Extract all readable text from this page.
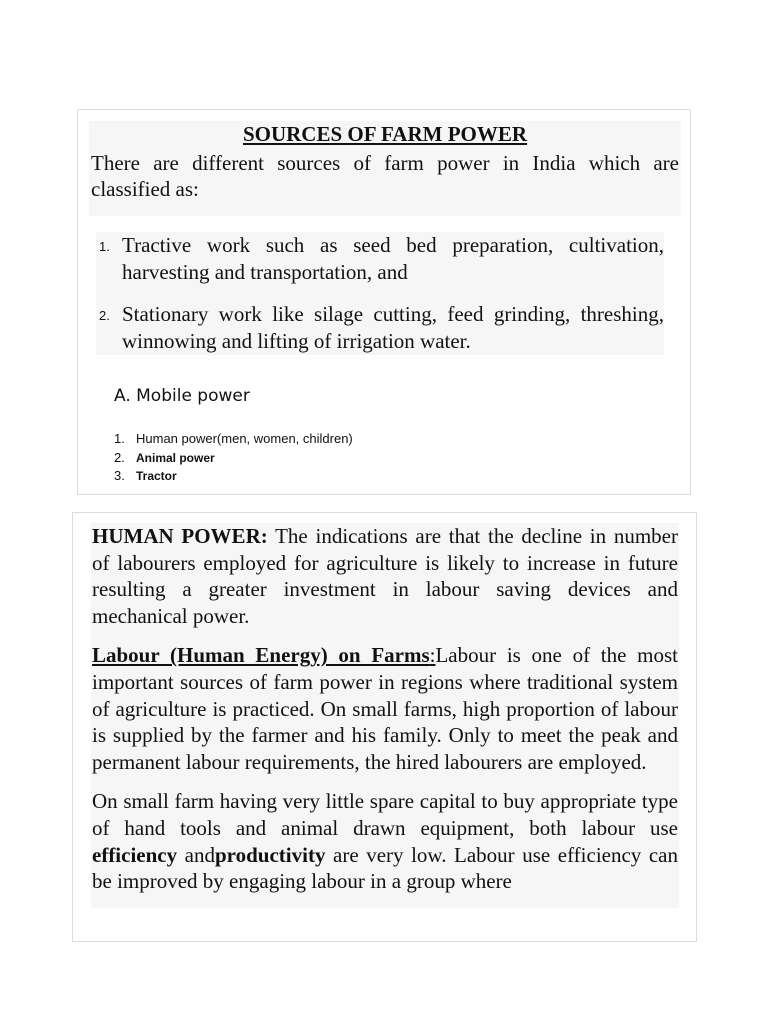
SOURCES OF FARM POWER

There are different sources of farm power in India which are classified as:

1. Tractive work such as seed bed preparation, cultivation, harvesting and transportation, and
2. Stationary work like silage cutting, feed grinding, threshing, winnowing and lifting of irrigation water.

A. Mobile power

1. Human power(men, women, children)
2. Animal power
3. Tractor

HUMAN POWER: The indications are that the decline in number of labourers employed for agriculture is likely to increase in future resulting a greater investment in labour saving devices and mechanical power.

Labour (Human Energy) on Farms:Labour is one of the most important sources of farm power in regions where traditional system of agriculture is practiced. On small farms, high proportion of labour is supplied by the farmer and his family. Only to meet the peak and permanent labour requirements, the hired labourers are employed.

On small farm having very little spare capital to buy appropriate type of hand tools and animal drawn equipment, both labour use efficiency andproductivity are very low. Labour use efficiency can be improved by engaging labour in a group where
